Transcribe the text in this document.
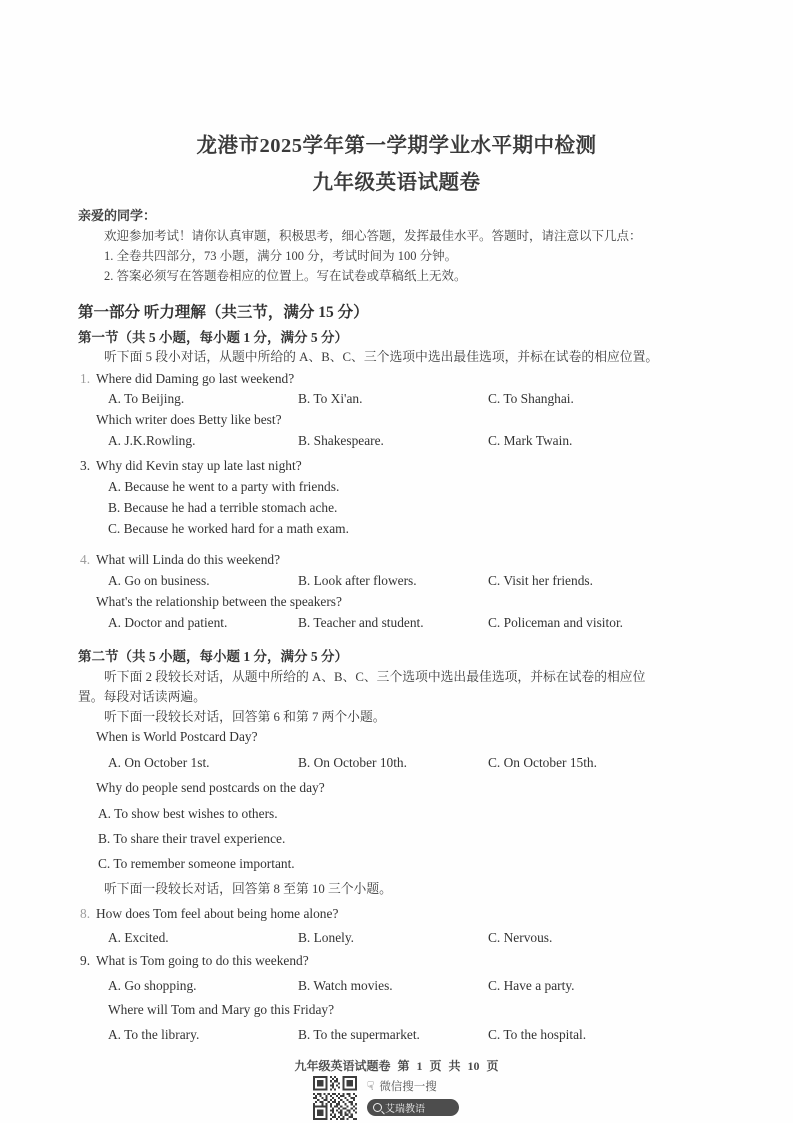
龙港市2025学年第一学期学业水平期中检测
九年级英语试题卷
亲爱的同学：
欢迎参加考试！请你认真审题，积极思考，细心答题，发挥最佳水平。答题时，请注意以下几点：
1. 全卷共四部分，73 小题，满分 100 分，考试时间为 100 分钟。
2. 答案必须写在答题卷相应的位置上。写在试卷或草稿纸上无效。
第一部分 听力理解（共三节，满分 15 分）
第一节（共 5 小题，每小题 1 分，满分 5 分）
听下面 5 段小对话，从题中所给的 A、B、C、三个选项中选出最佳选项，并标在试卷的相应位置。
1. Where did Daming go last weekend?
A. To Beijing.	B. To Xi'an.	C. To Shanghai.
Which writer does Betty like best?
A. J.K.Rowling.	B. Shakespeare.	C. Mark Twain.
3. Why did Kevin stay up late last night?
A. Because he went to a party with friends.
B. Because he had a terrible stomach ache.
C. Because he worked hard for a math exam.
4. What will Linda do this weekend?
A. Go on business.	B. Look after flowers.	C. Visit her friends.
What's the relationship between the speakers?
A. Doctor and patient.	B. Teacher and student.	C. Policeman and visitor.
第二节（共 5 小题，每小题 1 分，满分 5 分）
听下面 2 段较长对话，从题中所给的 A、B、C、三个选项中选出最佳选项，并标在试卷的相应位
置。每段对话读两遍。
听下面一段较长对话，回答第 6 和第 7 两个小题。
When is World Postcard Day?
A. On October 1st.	B. On October 10th.	C. On October 15th.
Why do people send postcards on the day?
A. To show best wishes to others.
B. To share their travel experience.
C. To remember someone important.
听下面一段较长对话，回答第 8 至第 10 三个小题。
8. How does Tom feel about being home alone?
A. Excited.	B. Lonely.	C. Nervous.
9. What is Tom going to do this weekend?
A. Go shopping.	B. Watch movies.	C. Have a party.
Where will Tom and Mary go this Friday?
A. To the library.	B. To the supermarket.	C. To the hospital.
九年级英语试题卷 第 1 页 共 10 页
☟ 微信搜一搜
艾瑞教语
